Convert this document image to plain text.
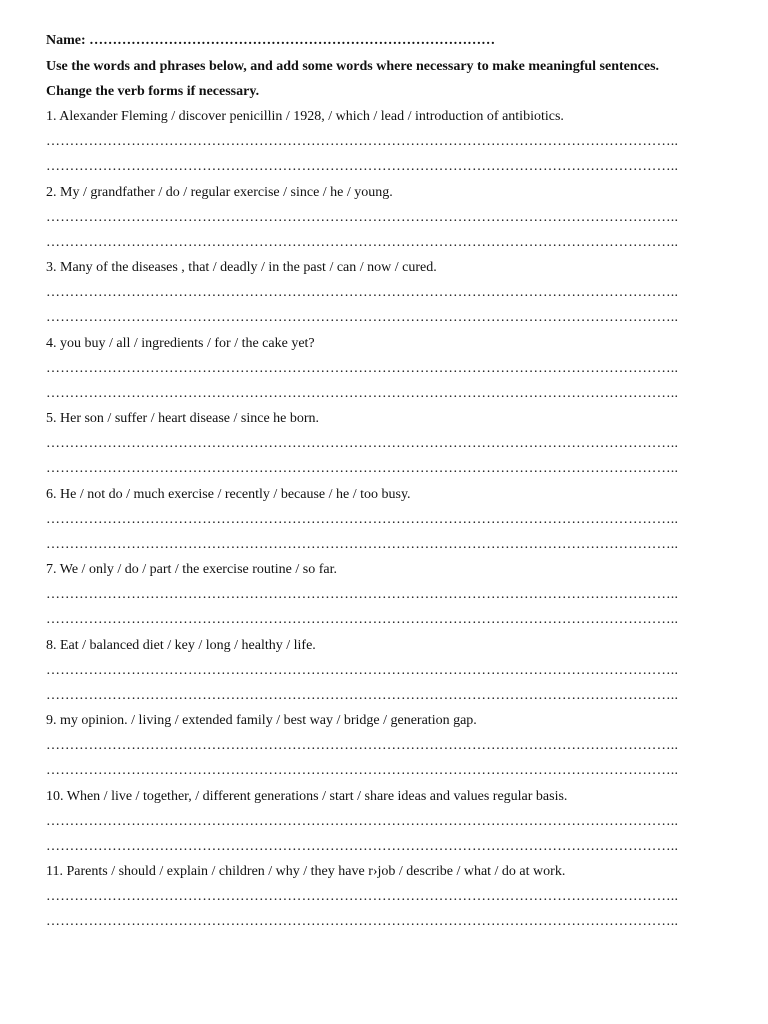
Name: ……………………………………………………………………………
Use the words and phrases below, and add some words where necessary to make meaningful sentences.
Change the verb forms if necessary.
1. Alexander Fleming / discover penicillin / 1928, / which / lead / introduction of antibiotics.
……………………………………………………………………………………………………………………..
……………………………………………………………………………………………………………………..
2. My / grandfather / do / regular exercise / since / he / young.
……………………………………………………………………………………………………………………..
……………………………………………………………………………………………………………………..
3. Many of the diseases , that / deadly / in the past / can / now / cured.
……………………………………………………………………………………………………………………..
……………………………………………………………………………………………………………………..
4. you buy / all / ingredients / for / the cake yet?
……………………………………………………………………………………………………………………..
……………………………………………………………………………………………………………………..
5. Her son / suffer / heart disease / since he born.
……………………………………………………………………………………………………………………..
……………………………………………………………………………………………………………………..
6. He / not do / much exercise / recently / because / he / too busy.
……………………………………………………………………………………………………………………..
……………………………………………………………………………………………………………………..
7. We / only / do / part / the exercise routine / so far.
……………………………………………………………………………………………………………………..
……………………………………………………………………………………………………………………..
8. Eat / balanced diet / key / long / healthy / life.
……………………………………………………………………………………………………………………..
……………………………………………………………………………………………………………………..
9. my opinion. / living / extended family / best way / bridge / generation gap.
……………………………………………………………………………………………………………………..
……………………………………………………………………………………………………………………..
10. When / live / together, / different generations / start / share ideas and values regular basis.
……………………………………………………………………………………………………………………..
……………………………………………………………………………………………………………………..
11. Parents / should / explain / children / why / they have r›job / describe / what / do at work.
……………………………………………………………………………………………………………………..
……………………………………………………………………………………………………………………..
